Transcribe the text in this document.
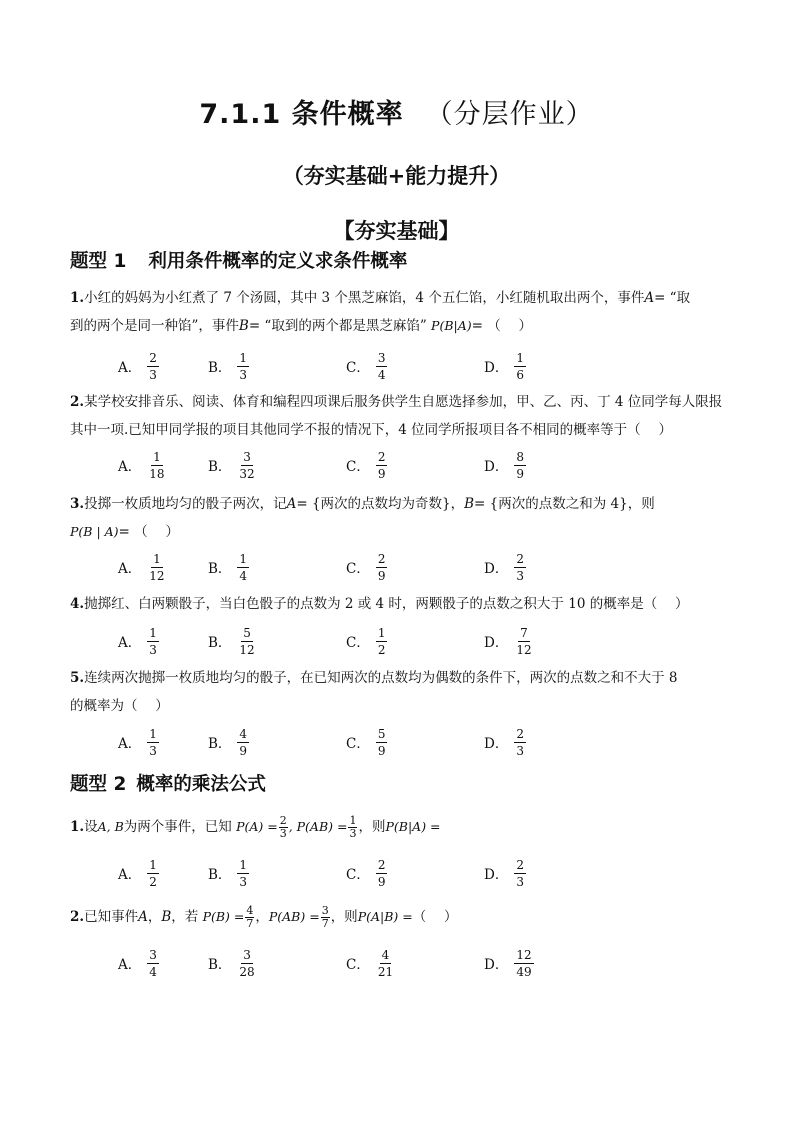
7.1.1 条件概率 （分层作业）
（夯实基础+能力提升）
【夯实基础】
题型 1 利用条件概率的定义求条件概率
1.小红的妈妈为小红煮了 7 个汤圆，其中 3 个黑芝麻馅，4 个五仁馅，小红随机取出两个，事件A= “取
到的两个是同一种馅”，事件B= “取到的两个都是黑芝麻馅” P(B|A)= （　 ）
A． $\frac{2}{3}$	B． $\frac{1}{3}$	C． $\frac{3}{4}$	D． $\frac{1}{6}$
2.某学校安排音乐、阅读、体育和编程四项课后服务供学生自愿选择参加，甲、乙、丙、丁 4 位同学每人限报
其中一项.已知甲同学报的项目其他同学不报的情况下，4 位同学所报项目各不相同的概率等于（　 ）
A． $\frac{1}{18}$	B． $\frac{3}{32}$	C． $\frac{2}{9}$	D． $\frac{8}{9}$
3.投掷一枚质地均匀的骰子两次，记A= {两次的点数均为奇数}，B= {两次的点数之和为 4}，则
P(B | A)= （　 ）
A． $\frac{1}{12}$	B． $\frac{1}{4}$	C． $\frac{2}{9}$	D． $\frac{2}{3}$
4.抛掷红、白两颗骰子，当白色骰子的点数为 2 或 4 时，两颗骰子的点数之积大于 10 的概率是（　 ）
A． $\frac{1}{3}$	B． $\frac{5}{12}$	C． $\frac{1}{2}$	D． $\frac{7}{12}$
5.连续两次抛掷一枚质地均匀的骰子，在已知两次的点数均为偶数的条件下，两次的点数之和不大于 8
的概率为（　 ）
A． $\frac{1}{3}$	B． $\frac{4}{9}$	C． $\frac{5}{9}$	D． $\frac{2}{3}$
题型 2 概率的乘法公式
1.设A, B为两个事件，已知 $P(A) = \frac{2}{3}$ , $P(AB) = \frac{1}{3}$ ，则P(B|A) =
A． $\frac{1}{2}$	B． $\frac{1}{3}$	C． $\frac{2}{9}$	D． $\frac{2}{3}$
2.已知事件A，B，若 $P(B) = \frac{4}{7}$ ，$P(AB) = \frac{3}{7}$ ，则P(A|B) =（　 ）
A． $\frac{3}{4}$	B． $\frac{3}{28}$	C． $\frac{4}{21}$	D． $\frac{12}{49}$
